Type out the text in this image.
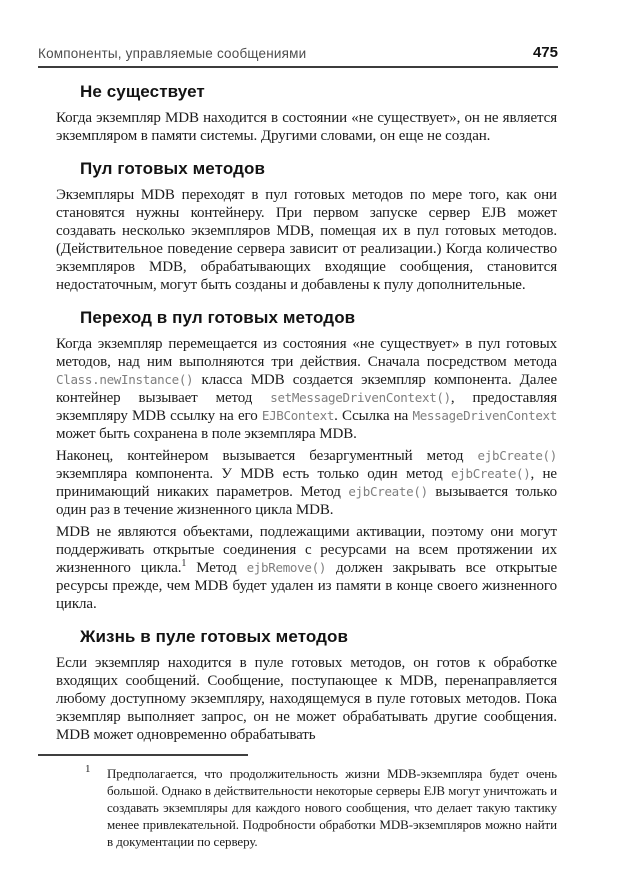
Компоненты, управляемые сообщениями	475
Не существует

Когда экземпляр MDB находится в состоянии «не существует», он не является экземпляром в памяти системы. Другими словами, он еще не создан.

Пул готовых методов

Экземпляры MDB переходят в пул готовых методов по мере того, как они становятся нужны контейнеру. При первом запуске сервер EJB может создавать несколько экземпляров MDB, помещая их в пул готовых методов. (Действительное поведение сервера зависит от реализации.) Когда количество экземпляров MDB, обрабатывающих входящие сообщения, становится недостаточным, могут быть созданы и добавлены к пулу дополнительные.

Переход в пул готовых методов

Когда экземпляр перемещается из состояния «не существует» в пул готовых методов, над ним выполняются три действия. Сначала посредством метода Class.newInstance() класса MDB создается экземпляр компонента. Далее контейнер вызывает метод setMessageDrivenContext(), предоставляя экземпляру MDB ссылку на его EJBContext. Ссылка на MessageDrivenContext может быть сохранена в поле экземпляра MDB.

Наконец, контейнером вызывается безаргументный метод ejbCreate() экземпляра компонента. У MDB есть только один метод ejbCreate(), не принимающий никаких параметров. Метод ejbCreate() вызывается только один раз в течение жизненного цикла MDB.

MDB не являются объектами, подлежащими активации, поэтому они могут поддерживать открытые соединения с ресурсами на всем протяжении их жизненного цикла.$^1$ Метод ejbRemove() должен закрывать все открытые ресурсы прежде, чем MDB будет удален из памяти в конце своего жизненного цикла.

Жизнь в пуле готовых методов

Если экземпляр находится в пуле готовых методов, он готов к обработке входящих сообщений. Сообщение, поступающее к MDB, перенаправляется любому доступному экземпляру, находящемуся в пуле готовых методов. Пока экземпляр выполняет запрос, он не может обрабатывать другие сообщения. MDB может одновременно обрабатывать

1	Предполагается, что продолжительность жизни MDB-экземпляра будет очень большой. Однако в действительности некоторые серверы EJB могут уничтожать и создавать экземпляры для каждого нового сообщения, что делает такую тактику менее привлекательной. Подробности обработки MDB-экземпляров можно найти в документации по серверу.
